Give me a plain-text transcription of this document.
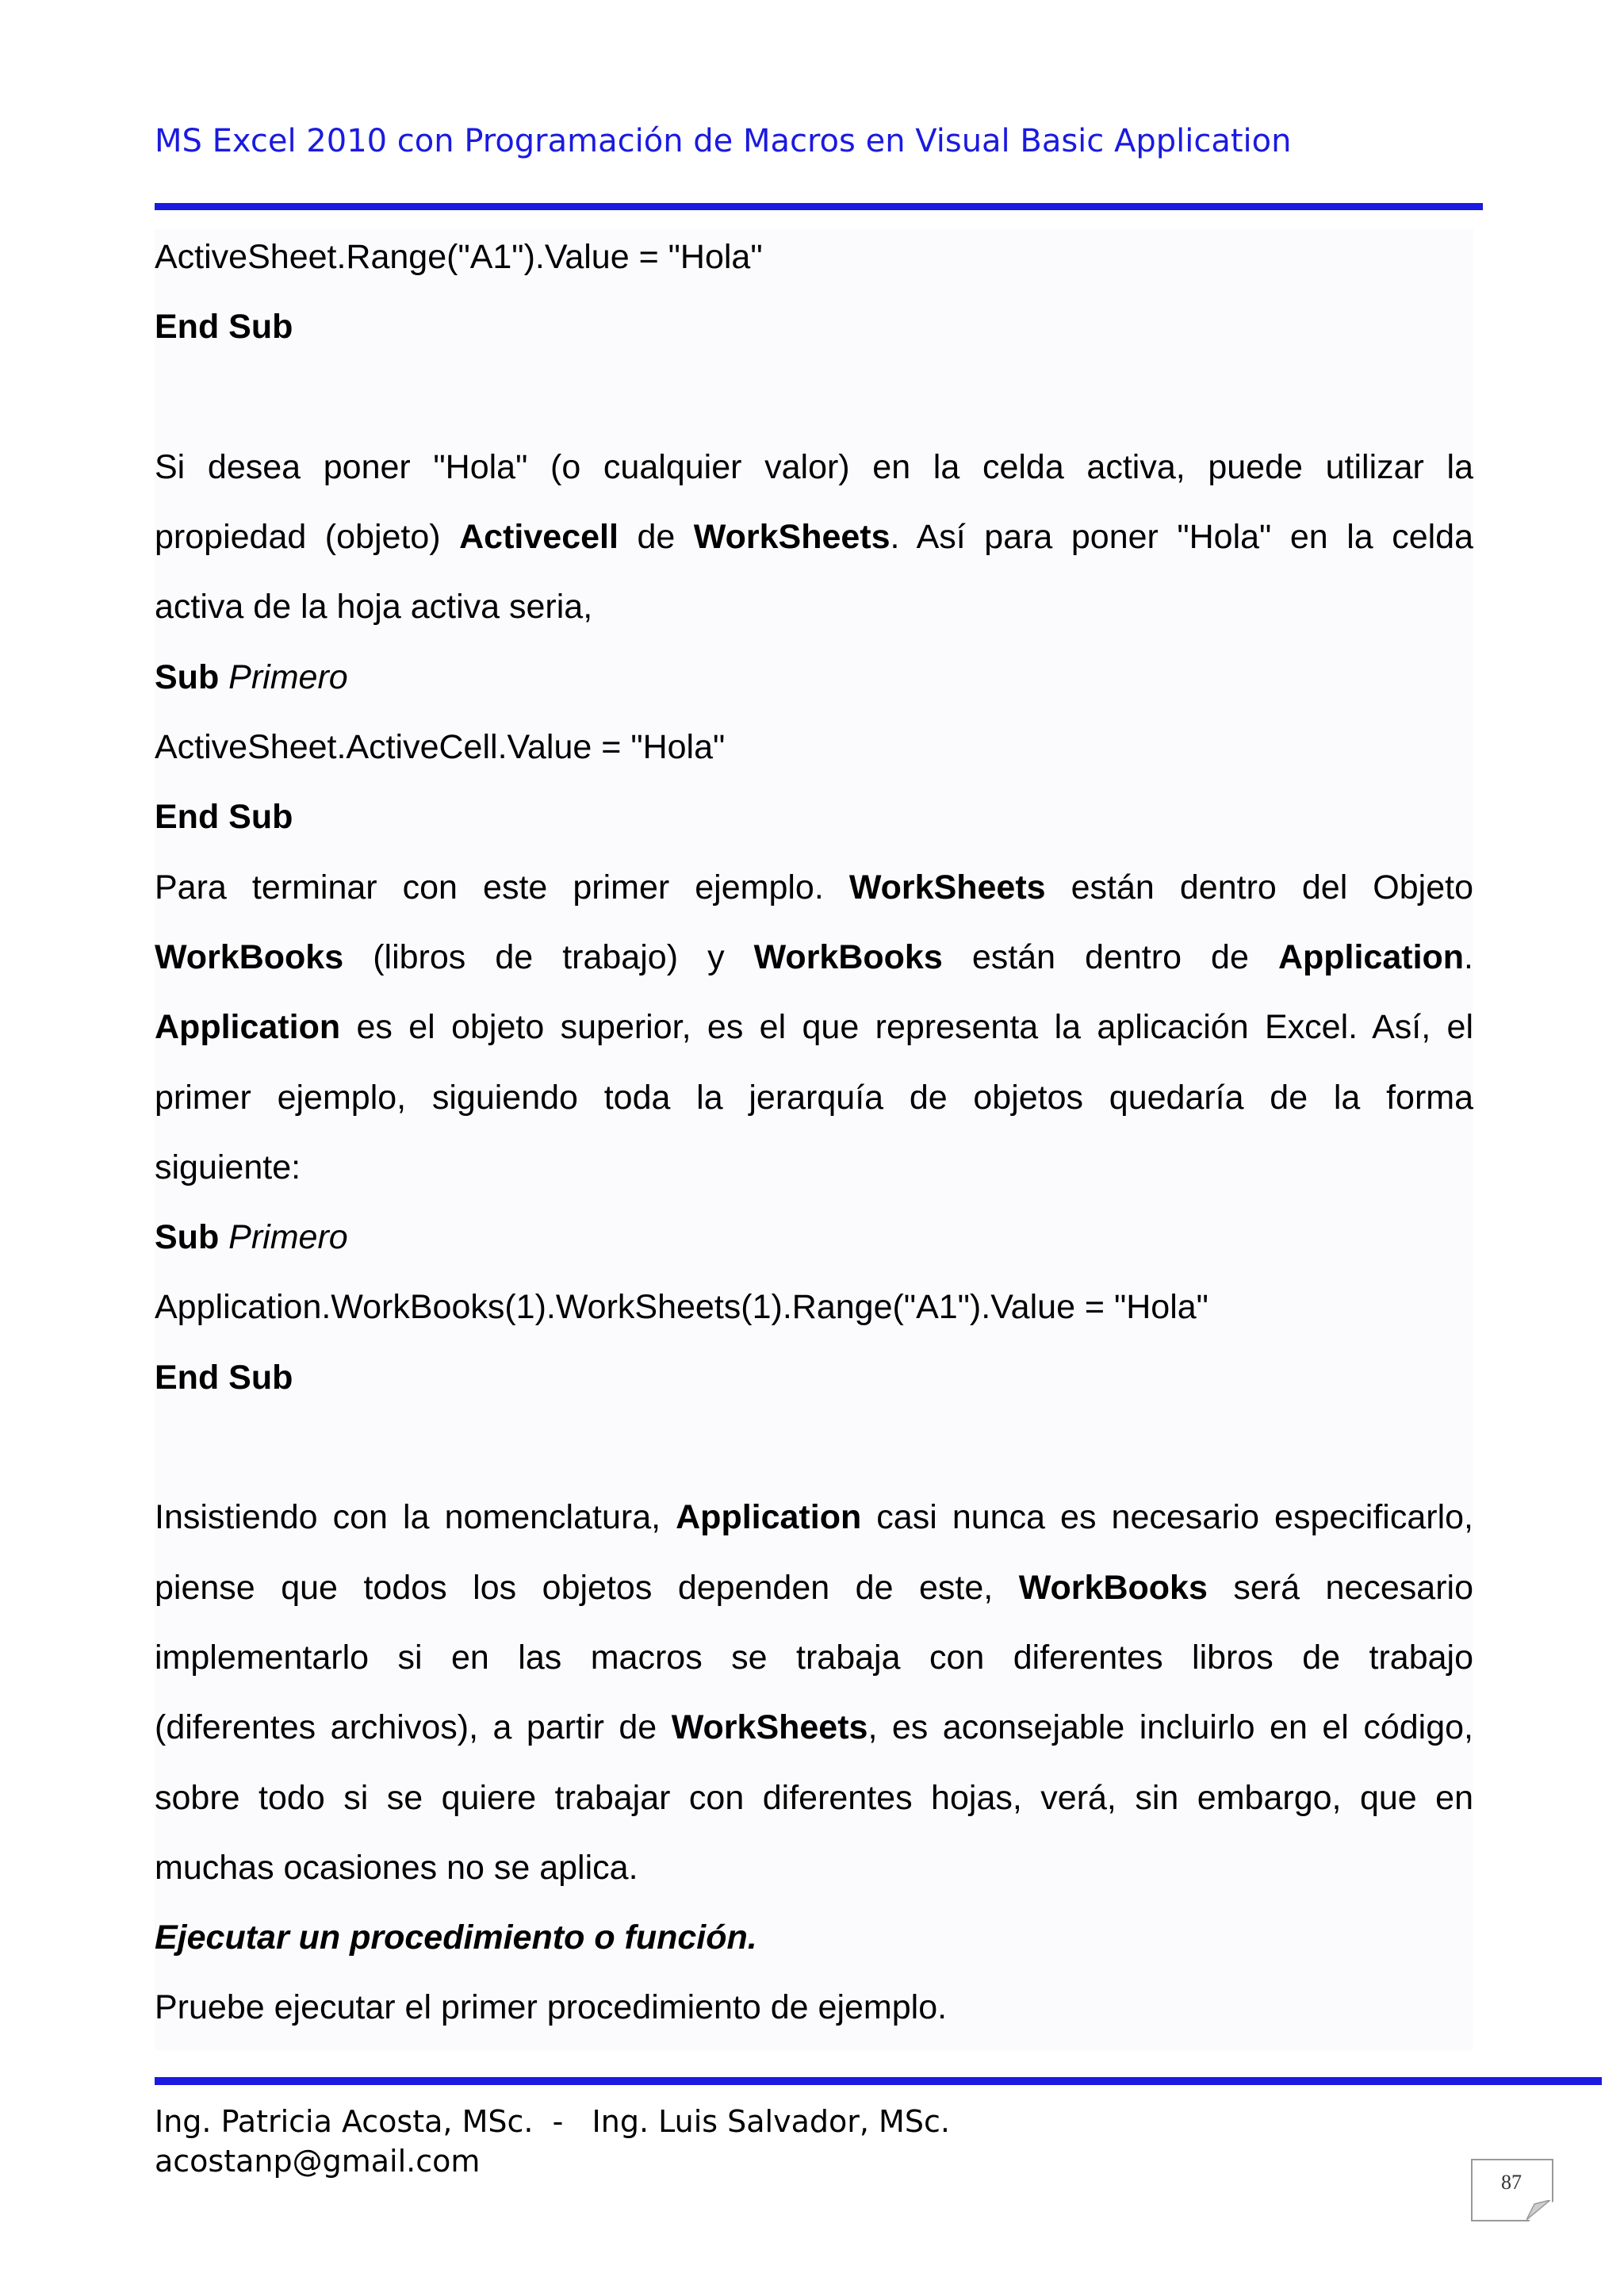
MS Excel 2010 con Programación de Macros en Visual Basic Application
ActiveSheet.Range("A1").Value = "Hola"
End Sub
Si desea poner "Hola" (o cualquier valor) en la celda activa, puede utilizar la
propiedad (objeto) Activecell de WorkSheets. Así para poner "Hola" en la celda
activa de la hoja activa seria,
Sub Primero
ActiveSheet.ActiveCell.Value = "Hola"
End Sub
Para terminar con este primer ejemplo. WorkSheets están dentro del Objeto
WorkBooks (libros de trabajo) y WorkBooks están dentro de Application.
Application es el objeto superior, es el que representa la aplicación Excel. Así, el
primer ejemplo, siguiendo toda la jerarquía de objetos quedaría de la forma
siguiente:
Sub Primero
Application.WorkBooks(1).WorkSheets(1).Range("A1").Value = "Hola"
End Sub
Insistiendo con la nomenclatura, Application casi nunca es necesario especificarlo,
piense que todos los objetos dependen de este, WorkBooks será necesario
implementarlo si en las macros se trabaja con diferentes libros de trabajo
(diferentes archivos), a partir de WorkSheets, es aconsejable incluirlo en el código,
sobre todo si se quiere trabajar con diferentes hojas, verá, sin embargo, que en
muchas ocasiones no se aplica.
Ejecutar un procedimiento o función.
Pruebe ejecutar el primer procedimiento de ejemplo.
Ing. Patricia Acosta, MSc.  -   Ing. Luis Salvador, MSc.
acostanp@gmail.com
87
